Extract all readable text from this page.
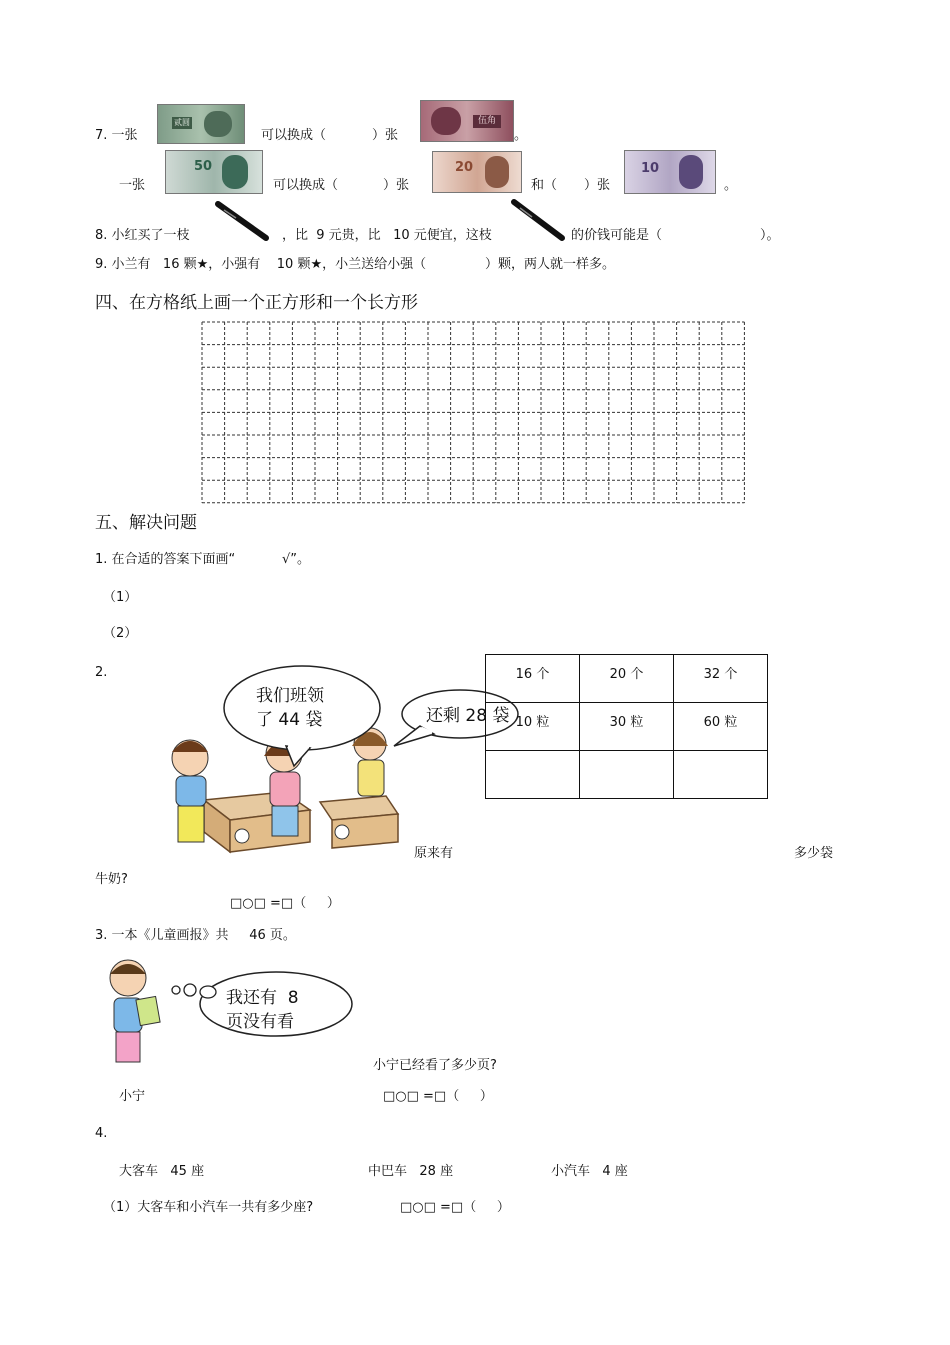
7. 一张
贰圆
可以换成（	）张
伍角
。
一张
50
可以换成（	）张
20
和（ ）张
10
。
8. 小红买了一枝	，比  9 元贵，比   10 元便宜，这枝	的价钱可能是（	）。
9. 小兰有   16 颗★，小强有    10 颗★，小兰送给小强（	）颗，两人就一样多。
四、在方格纸上画一个正方形和一个长方形
五、解决问题
1. 在合适的答案下面画“	√”。
（1）
（2）
2.
我们班领
了 44 袋
16 个	20 个	32 个
10 粒	30 粒	60 粒

还剩 28 袋
原来有	多少袋
牛奶?
□○□ =□（     ）
3. 一本《儿童画报》共     46 页。
我还有  8
页没有看
小宁已经看了多少页?
小宁	□○□ =□（     ）
4.
大客车   45 座	中巴车   28 座	小汽车   4 座
（1）大客车和小汽车一共有多少座?	□○□ =□（     ）
